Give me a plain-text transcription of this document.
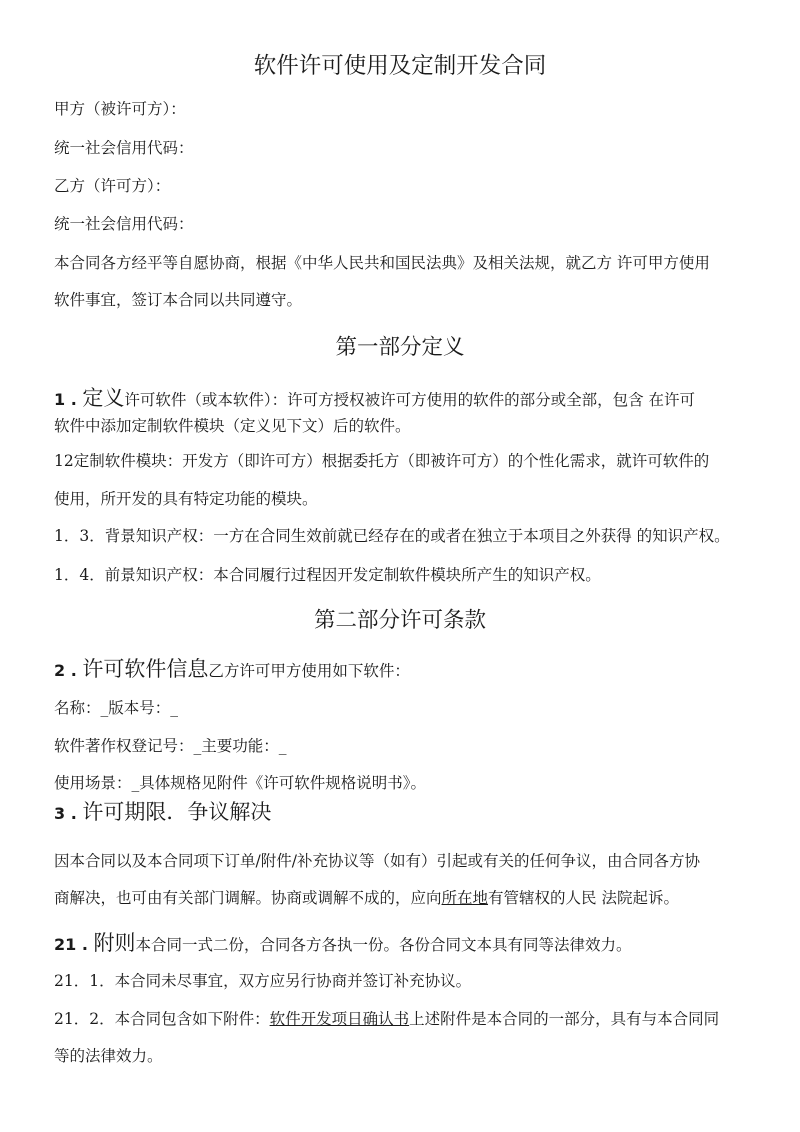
软件许可使用及定制开发合同
甲方（被许可方）：
统一社会信用代码：
乙方（许可方）：
统一社会信用代码：
本合同各方经平等自愿协商，根据《中华人民共和国民法典》及相关法规，就乙方 许可甲方使用
软件事宜，签订本合同以共同遵守。
第一部分定义
1 . 定义许可软件（或本软件）：许可方授权被许可方使用的软件的部分或全部，包含 在许可
软件中添加定制软件模块（定义见下文）后的软件。
12定制软件模块：开发方（即许可方）根据委托方（即被许可方）的个性化需求，就许可软件的
使用，所开发的具有特定功能的模块。
1．3．背景知识产权：一方在合同生效前就已经存在的或者在独立于本项目之外获得 的知识产权。
1．4．前景知识产权：本合同履行过程因开发定制软件模块所产生的知识产权。
第二部分许可条款
2 . 许可软件信息乙方许可甲方使用如下软件：
名称：_版本号：_
软件著作权登记号：_主要功能：_
使用场景：_具体规格见附件《许可软件规格说明书》。
3 . 许可期限．争议解决
因本合同以及本合同项下订单/附件/补充协议等（如有）引起或有关的任何争议，由合同各方协
商解决，也可由有关部门调解。协商或调解不成的，应向所在地有管辖权的人民 法院起诉。
21 . 附则本合同一式二份，合同各方各执一份。各份合同文本具有同等法律效力。
21．1．本合同未尽事宜，双方应另行协商并签订补充协议。
21．2．本合同包含如下附件：软件开发项日确认书上述附件是本合同的一部分，具有与本合同同
等的法律效力。
